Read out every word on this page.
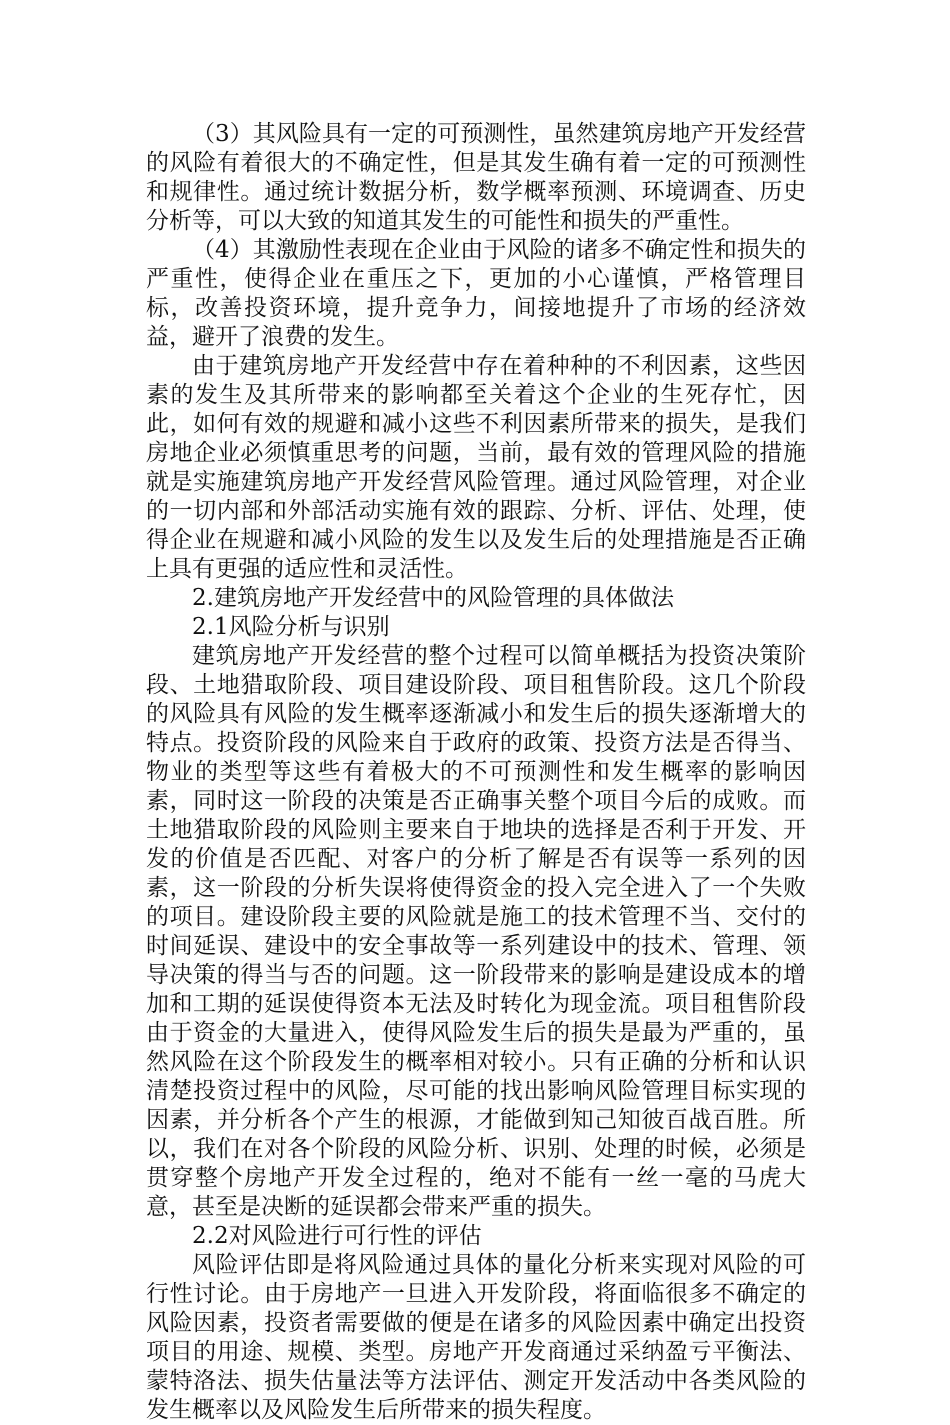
（3）其风险具有一定的可预测性，虽然建筑房地产开发经营的风险有着很大的不确定性，但是其发生确有着一定的可预测性和规律性。通过统计数据分析，数学概率预测、环境调查、历史分析等，可以大致的知道其发生的可能性和损失的严重性。

（4）其激励性表现在企业由于风险的诸多不确定性和损失的严重性，使得企业在重压之下，更加的小心谨慎，严格管理目标，改善投资环境，提升竞争力，间接地提升了市场的经济效益，避开了浪费的发生。

由于建筑房地产开发经营中存在着种种的不利因素，这些因素的发生及其所带来的影响都至关着这个企业的生死存忙，因此，如何有效的规避和减小这些不利因素所带来的损失，是我们房地企业必须慎重思考的问题，当前，最有效的管理风险的措施就是实施建筑房地产开发经营风险管理。通过风险管理，对企业的一切内部和外部活动实施有效的跟踪、分析、评估、处理，使得企业在规避和减小风险的发生以及发生后的处理措施是否正确上具有更强的适应性和灵活性。

2.建筑房地产开发经营中的风险管理的具体做法

2.1风险分析与识别

建筑房地产开发经营的整个过程可以简单概括为投资决策阶段、土地猎取阶段、项目建设阶段、项目租售阶段。这几个阶段的风险具有风险的发生概率逐渐减小和发生后的损失逐渐增大的特点。投资阶段的风险来自于政府的政策、投资方法是否得当、物业的类型等这些有着极大的不可预测性和发生概率的影响因素，同时这一阶段的决策是否正确事关整个项目今后的成败。而土地猎取阶段的风险则主要来自于地块的选择是否利于开发、开发的价值是否匹配、对客户的分析了解是否有误等一系列的因素，这一阶段的分析失误将使得资金的投入完全进入了一个失败的项目。建设阶段主要的风险就是施工的技术管理不当、交付的时间延误、建设中的安全事故等一系列建设中的技术、管理、领导决策的得当与否的问题。这一阶段带来的影响是建设成本的增加和工期的延误使得资本无法及时转化为现金流。项目租售阶段由于资金的大量进入，使得风险发生后的损失是最为严重的，虽然风险在这个阶段发生的概率相对较小。只有正确的分析和认识清楚投资过程中的风险，尽可能的找出影响风险管理目标实现的因素，并分析各个产生的根源，才能做到知己知彼百战百胜。所以，我们在对各个阶段的风险分析、识别、处理的时候，必须是贯穿整个房地产开发全过程的，绝对不能有一丝一毫的马虎大意，甚至是决断的延误都会带来严重的损失。

2.2对风险进行可行性的评估

风险评估即是将风险通过具体的量化分析来实现对风险的可行性讨论。由于房地产一旦进入开发阶段，将面临很多不确定的风险因素，投资者需要做的便是在诸多的风险因素中确定出投资项目的用途、规模、类型。房地产开发商通过采纳盈亏平衡法、蒙特洛法、损失估量法等方法评估、测定开发活动中各类风险的发生概率以及风险发生后所带来的损失程度。
